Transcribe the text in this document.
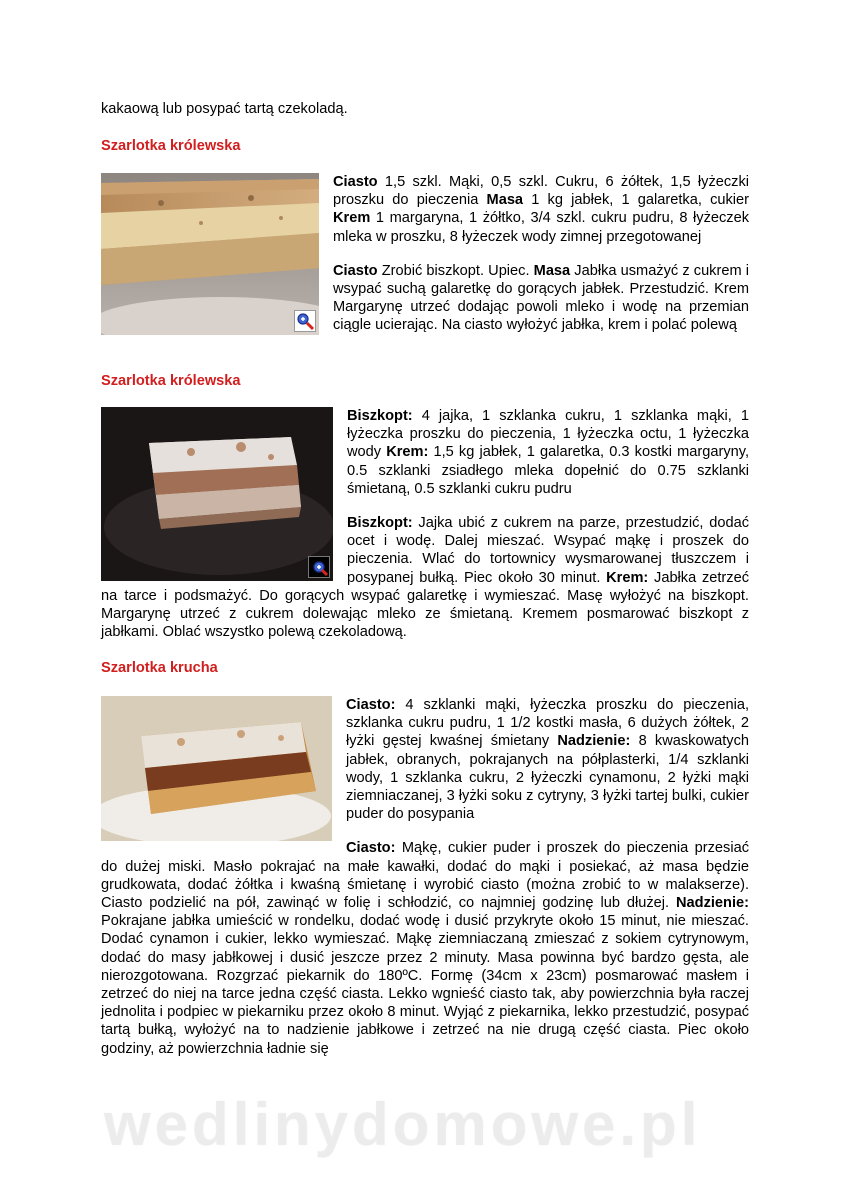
kakaową lub posypać tartą czekoladą.
Szarlotka królewska

Ciasto 1,5 szkl. Mąki, 0,5 szkl. Cukru, 6 żółtek, 1,5 łyżeczki proszku do pieczenia Masa 1 kg jabłek, 1 galaretka, cukier Krem 1 margaryna, 1 żółtko, 3/4 szkl. cukru pudru, 8 łyżeczek mleka w proszku, 8 łyżeczek wody zimnej przegotowanej

Ciasto Zrobić biszkopt. Upiec. Masa Jabłka usmażyć z cukrem i wsypać suchą galaretkę do gorących jabłek. Przestudzić. Krem Margarynę utrzeć dodając powoli mleko i wodę na przemian ciągle ucierając. Na ciasto wyłożyć jabłka, krem i polać polewą

Szarlotka królewska

Biszkopt: 4 jajka, 1 szklanka cukru, 1 szklanka mąki, 1 łyżeczka proszku do pieczenia, 1 łyżeczka octu, 1 łyżeczka wody Krem: 1,5 kg jabłek, 1 galaretka, 0.3 kostki margaryny, 0.5 szklanki zsiadłego mleka dopełnić do 0.75 szklanki śmietaną, 0.5 szklanki cukru pudru

Biszkopt: Jajka ubić z cukrem na parze, przestudzić, dodać ocet i wodę. Dalej mieszać. Wsypać mąkę i proszek do pieczenia. Wlać do tortownicy wysmarowanej tłuszczem i posypanej bułką. Piec około 30 minut. Krem: Jabłka zetrzeć na tarce i podsmażyć. Do gorących wsypać galaretkę i wymieszać. Masę wyłożyć na biszkopt. Margarynę utrzeć z cukrem dolewając mleko ze śmietaną. Kremem posmarować biszkopt z jabłkami. Oblać wszystko polewą czekoladową.

Szarlotka krucha

Ciasto: 4 szklanki mąki, łyżeczka proszku do pieczenia, szklanka cukru pudru, 1 1/2 kostki masła, 6 dużych żółtek, 2 łyżki gęstej kwaśnej śmietany Nadzienie: 8 kwaskowatych jabłek, obranych, pokrajanych na półplasterki, 1/4 szklanki wody, 1 szklanka cukru, 2 łyżeczki cynamonu, 2 łyżki mąki ziemniaczanej, 3 łyżki soku z cytryny, 3 łyżki tartej bulki, cukier puder do posypania

Ciasto: Mąkę, cukier puder i proszek do pieczenia przesiać do dużej miski. Masło pokrajać na małe kawałki, dodać do mąki i posiekać, aż masa będzie grudkowata, dodać żółtka i kwaśną śmietanę i wyrobić ciasto (można zrobić to w malakserze). Ciasto podzielić na pół, zawinąć w folię i schłodzić, co najmniej godzinę lub dłużej. Nadzienie: Pokrajane jabłka umieścić w rondelku, dodać wodę i dusić przykryte około 15 minut, nie mieszać. Dodać cynamon i cukier, lekko wymieszać. Mąkę ziemniaczaną zmieszać z sokiem cytrynowym, dodać do masy jabłkowej i dusić jeszcze przez 2 minuty. Masa powinna być bardzo gęsta, ale nierozgotowana. Rozgrzać piekarnik do 180ºC. Formę (34cm x 23cm) posmarować masłem i zetrzeć do niej na tarce jedna część ciasta. Lekko wgnieść ciasto tak, aby powierzchnia była raczej jednolita i podpiec w piekarniku przez około 8 minut. Wyjąć z piekarnika, lekko przestudzić, posypać tartą bułką, wyłożyć na to nadzienie jabłkowe i zetrzeć na nie drugą część ciasta. Piec około godziny, aż powierzchnia ładnie się

wedlinydomowe.pl
